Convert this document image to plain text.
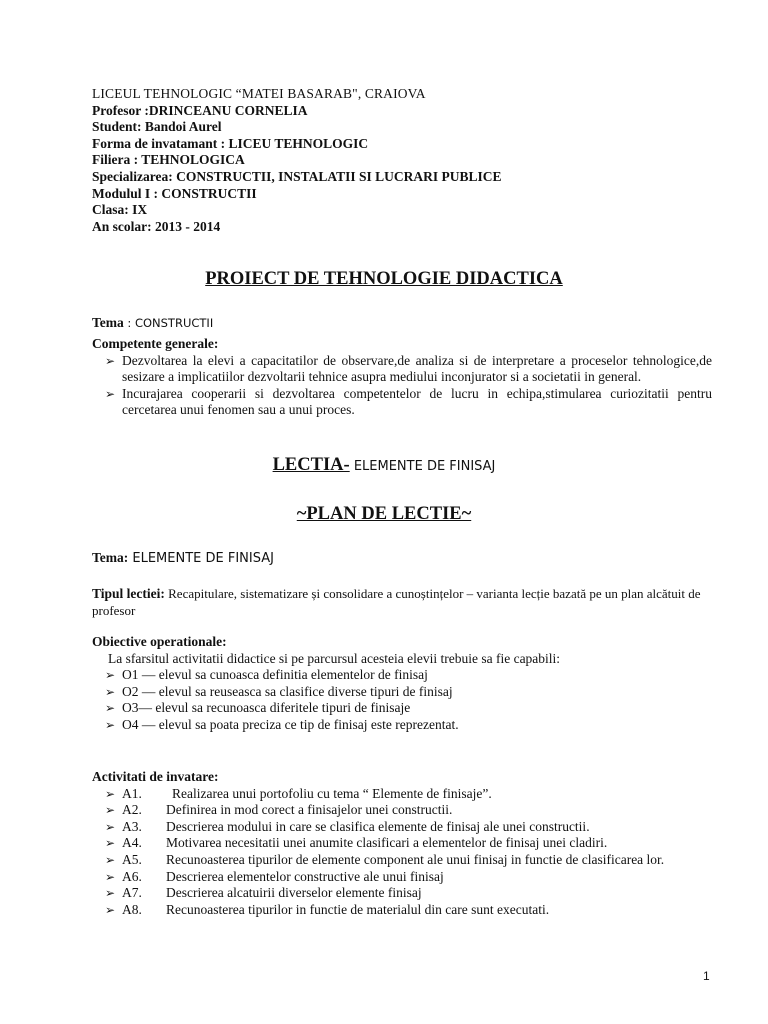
LICEUL TEHNOLOGIC “MATEI BASARAB", CRAIOVA
Profesor :DRINCEANU CORNELIA
Student: Bandoi Aurel
Forma de invatamant : LICEU TEHNOLOGIC
Filiera : TEHNOLOGICA
Specializarea: CONSTRUCTII, INSTALATII SI LUCRARI PUBLICE
Modulul I : CONSTRUCTII
Clasa: IX
An scolar: 2013 - 2014
PROIECT DE TEHNOLOGIE DIDACTICA
Tema : CONSTRUCTII
Competente generale:
➢ Dezvoltarea la elevi a capacitatilor de observare,de analiza si de interpretare a proceselor tehnologice,de sesizare a implicatiilor dezvoltarii tehnice asupra mediului inconjurator si a societatii in general.
➢ Incurajarea cooperarii si dezvoltarea competentelor de lucru in echipa,stimularea curiozitatii pentru cercetarea unui fenomen sau a unui proces.
LECTIA- ELEMENTE DE FINISAJ
~PLAN DE LECTIE~
Tema: ELEMENTE DE FINISAJ
Tipul lectiei: Recapitulare, sistematizare și consolidare a cunoștințelor – varianta lecție bazată pe un plan alcătuit de profesor
Obiective operationale:
La sfarsitul activitatii didactice si pe parcursul acesteia elevii trebuie sa fie capabili:
➢ O1 — elevul sa cunoasca definitia elementelor de finisaj
➢ O2 — elevul sa reuseasca sa clasifice diverse tipuri de finisaj
➢ O3— elevul sa recunoasca diferitele tipuri de finisaje
➢ O4 — elevul sa poata preciza ce tip de finisaj este reprezentat.
Activitati de invatare:
➢ A1. Realizarea unui portofoliu cu tema “ Elemente de finisaje”.
➢ A2. Definirea in mod corect a finisajelor unei constructii.
➢ A3. Descrierea modului in care se clasifica elemente de finisaj ale unei constructii.
➢ A4. Motivarea necesitatii unei anumite clasificari a elementelor de finisaj unei cladiri.
➢ A5. Recunoasterea tipurilor de elemente component ale unui finisaj in functie de clasificarea lor.
➢ A6. Descrierea elementelor constructive ale unui finisaj
➢ A7. Descrierea alcatuirii diverselor elemente finisaj
➢ A8. Recunoasterea tipurilor in functie de materialul din care sunt executati.
1
